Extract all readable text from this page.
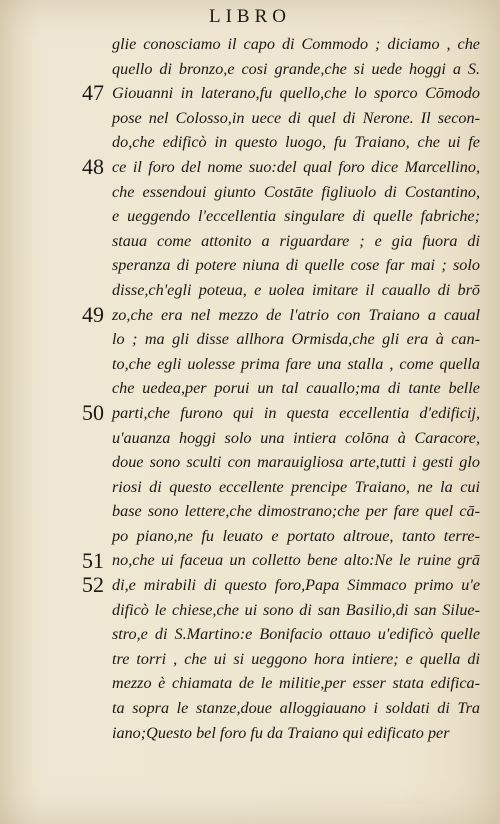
LIBRO
47
48
49
50
51
52
glie conosciamo il capo di Commodo ; diciamo , che
quello di bronzo,e cosi grande,che si uede hoggi a S.
Giouanni in laterano,fu quello,che lo sporco Cōmodo
pose nel Colosso,in uece di quel di Nerone. Il secon-
do,che edificò in questo luogo, fu Traiano, che ui fe
ce il foro del nome suo:del qual foro dice Marcellino,
che essendoui giunto Costāte figliuolo di Costantino,
e ueggendo l'eccellentia singulare di quelle fabriche;
staua come attonito a riguardare ; e gia fuora di
speranza di potere niuna di quelle cose far mai ; solo
disse,ch'egli poteua, e uolea imitare il cauallo di brō
zo,che era nel mezzo de l'atrio con Traiano a caual
lo ; ma gli disse allhora Ormisda,che gli era à can-
to,che egli uolesse prima fare una stalla , come quella
che uedea,per porui un tal cauallo;ma di tante belle
parti,che furono qui in questa eccellentia d'edificij,
u'auanza hoggi solo una intiera colōna à Caracore,
doue sono sculti con marauigliosa arte,tutti i gesti glo
riosi di questo eccellente prencipe Traiano, ne la cui
base sono lettere,che dimostrano;che per fare quel cā-
po piano,ne fu leuato e portato altroue, tanto terre-
no,che ui faceua un colletto bene alto:Ne le ruine grā
di,e mirabili di questo foro,Papa Simmaco primo u'e
dificò le chiese,che ui sono di san Basilio,di san Silue-
stro,e di S.Martino:e Bonifacio ottauo u'edificò quelle
tre torri , che ui si ueggono hora intiere; e quella di
mezzo è chiamata de le militie,per esser stata edifica-
ta sopra le stanze,doue alloggiauano i soldati di Tra
iano;Questo bel foro fu da Traiano qui edificato per
